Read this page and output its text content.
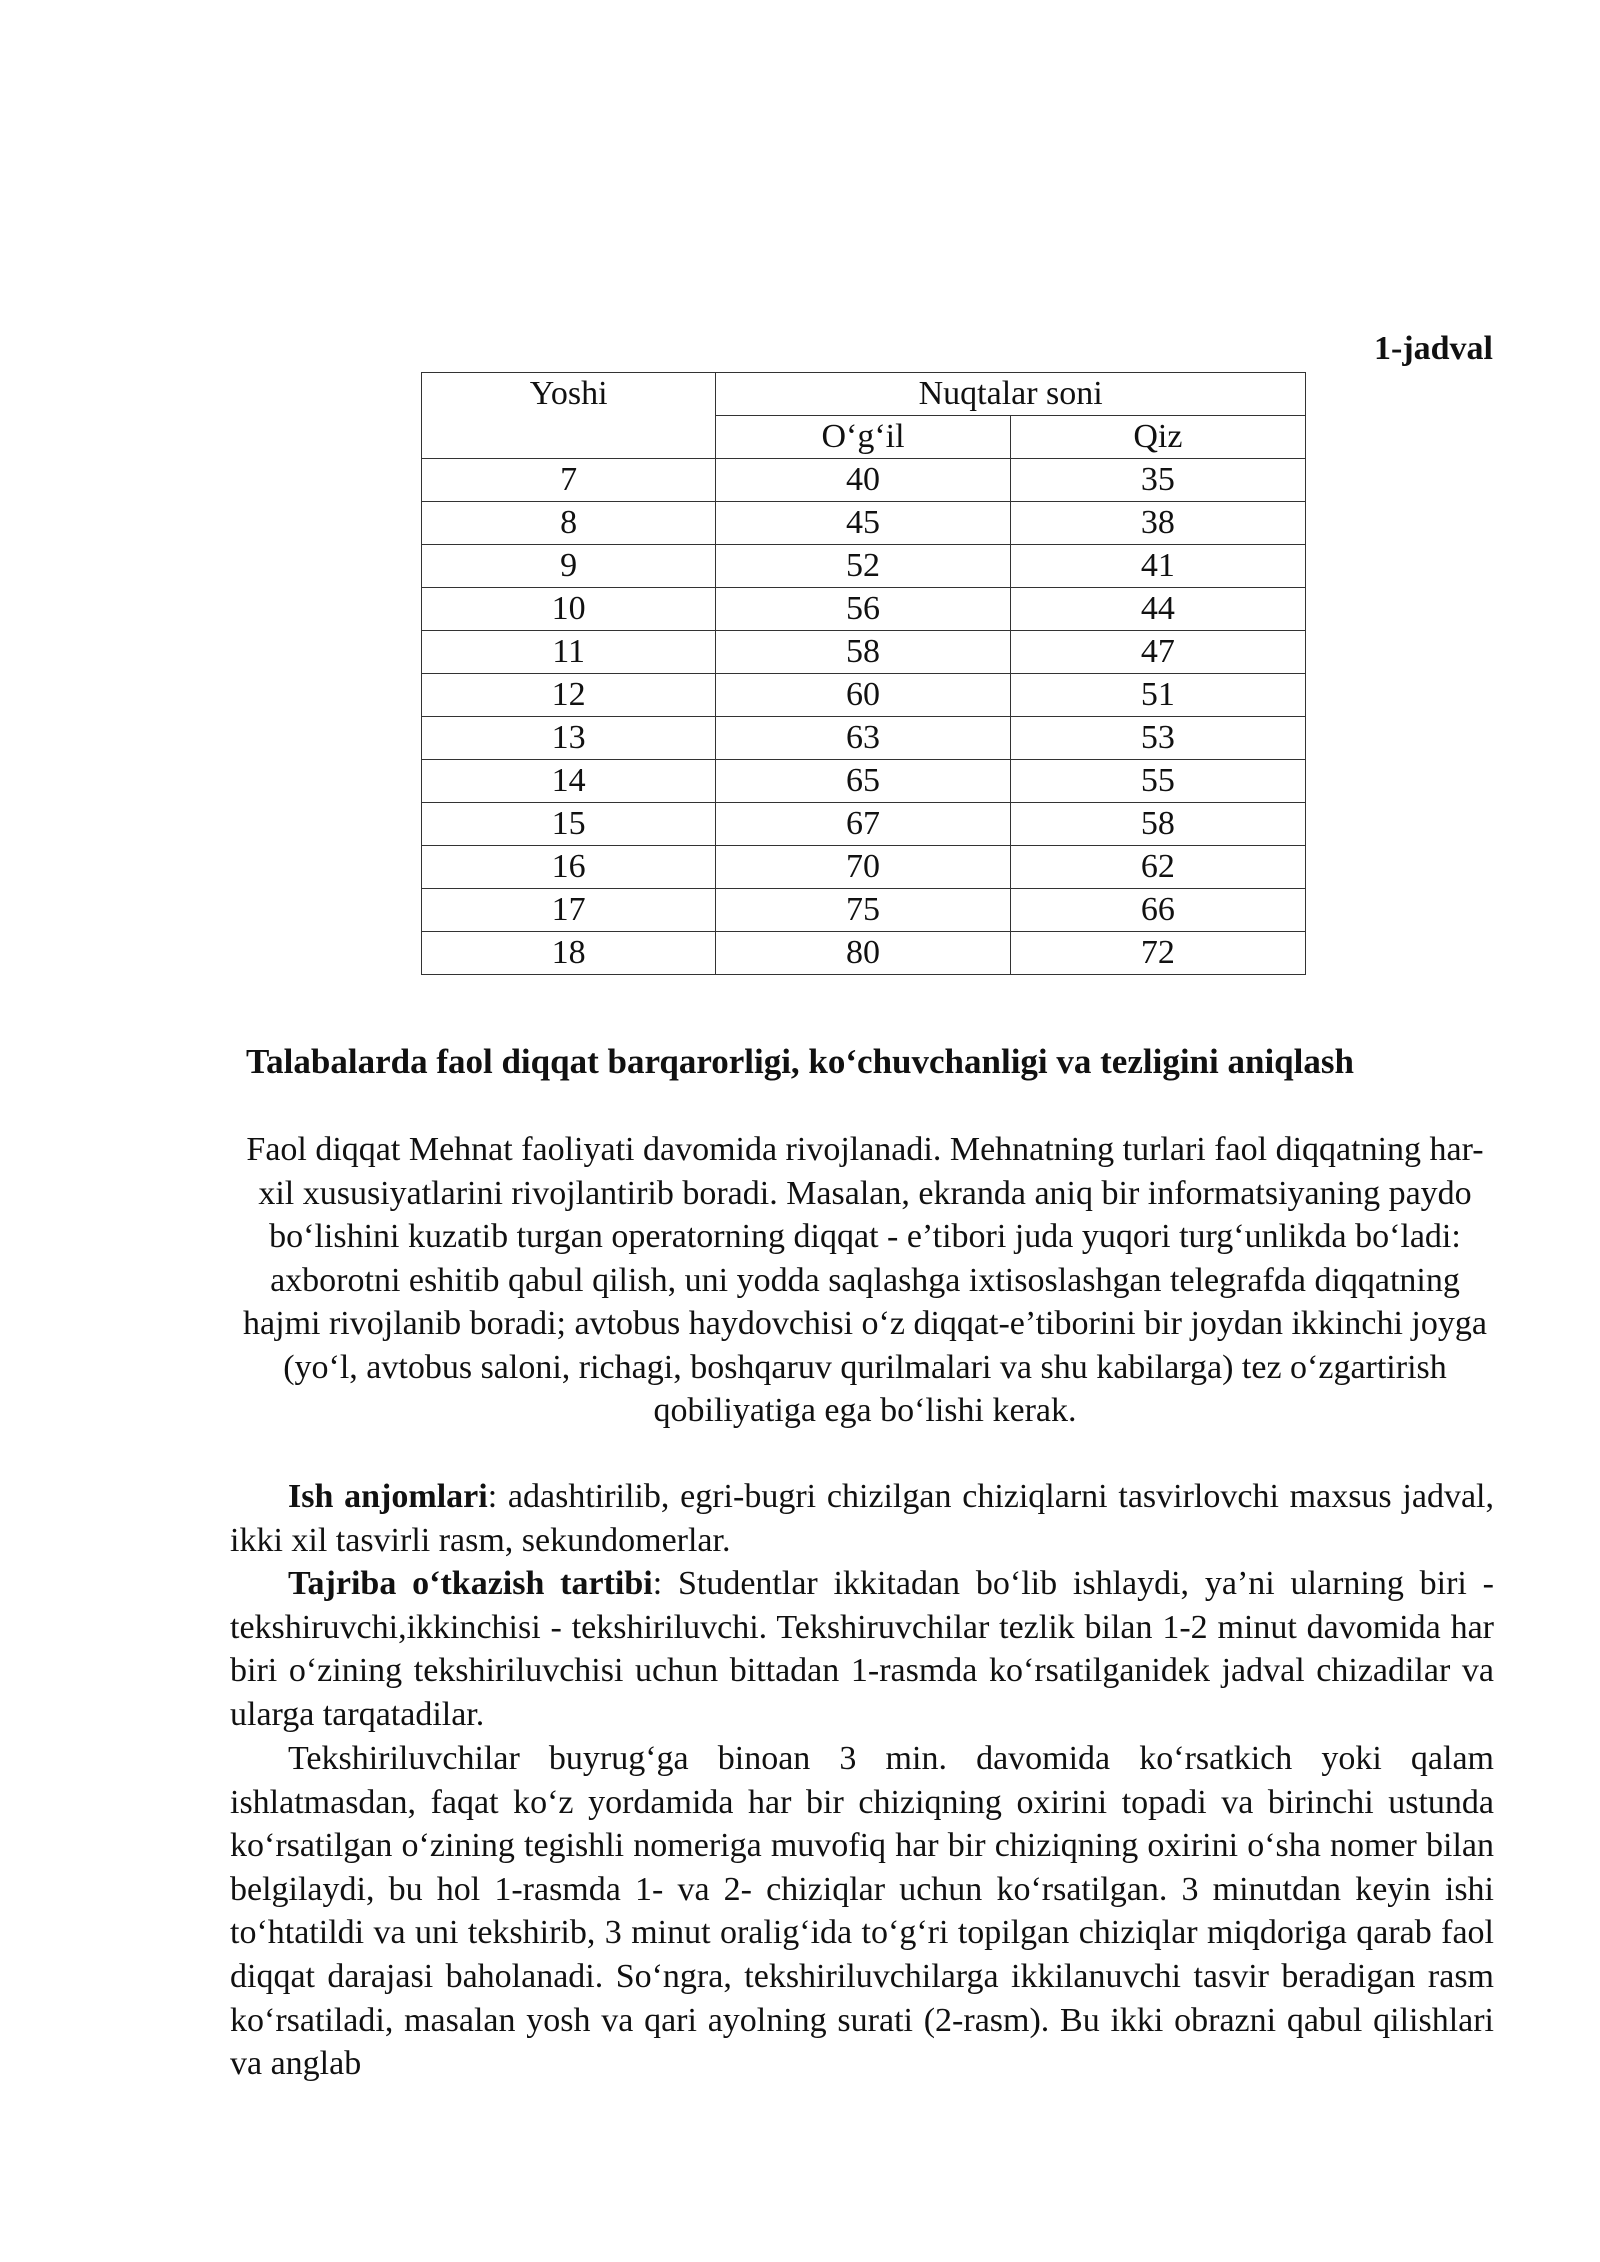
1-jadval
Yoshi	Nuqtalar soni	
	O‘g‘il	Qiz
7	40	35
8	45	38
9	52	41
10	56	44
11	58	47
12	60	51
13	63	53
14	65	55
15	67	58
16	70	62
17	75	66
18	80	72
Talabalarda faol diqqat barqarorligi, ko‘chuvchanligi va tezligini aniqlash
Faol diqqat Mehnat faoliyati davomida rivojlanadi. Mehnatning turlari faol diqqatning har-xil xususiyatlarini rivojlantirib boradi. Masalan, ekranda aniq bir informatsiyaning paydo bo‘lishini kuzatib turgan operatorning diqqat - e’tibori juda yuqori turg‘unlikda bo‘ladi: axborotni eshitib qabul qilish, uni yodda saqlashga ixtisoslashgan telegrafda diqqatning hajmi rivojlanib boradi; avtobus haydovchisi o‘z diqqat-e’tiborini bir joydan ikkinchi joyga (yo‘l, avtobus saloni, richagi, boshqaruv qurilmalari va shu kabilarga) tez o‘zgartirish qobiliyatiga ega bo‘lishi kerak.
Ish anjomlari: adashtirilib, egri-bugri chizilgan chiziqlarni tasvirlovchi maxsus jadval, ikki xil tasvirli rasm, sekundomerlar.
Tajriba o‘tkazish tartibi: Studentlar ikkitadan bo‘lib ishlaydi, ya’ni ularning biri - tekshiruvchi,ikkinchisi - tekshiriluvchi. Tekshiruvchilar tezlik bilan 1-2 minut davomida har biri o‘zining tekshiriluvchisi uchun bittadan 1-rasmda ko‘rsatilganidek jadval chizadilar va ularga tarqatadilar.
Tekshiriluvchilar buyrug‘ga binoan 3 min. davomida ko‘rsatkich yoki qalam ishlatmasdan, faqat ko‘z yordamida har bir chiziqning oxirini topadi va birinchi ustunda ko‘rsatilgan o‘zining tegishli nomeriga muvofiq har bir chiziqning oxirini o‘sha nomer bilan belgilaydi, bu hol 1-rasmda 1- va 2- chiziqlar uchun ko‘rsatilgan. 3 minutdan keyin ishi to‘htatildi va uni tekshirib, 3 minut oralig‘ida to‘g‘ri topilgan chiziqlar miqdoriga qarab faol diqqat darajasi baholanadi. So‘ngra, tekshiriluvchilarga ikkilanuvchi tasvir beradigan rasm ko‘rsatiladi, masalan yosh va qari ayolning surati (2-rasm). Bu ikki obrazni qabul qilishlari va anglab
